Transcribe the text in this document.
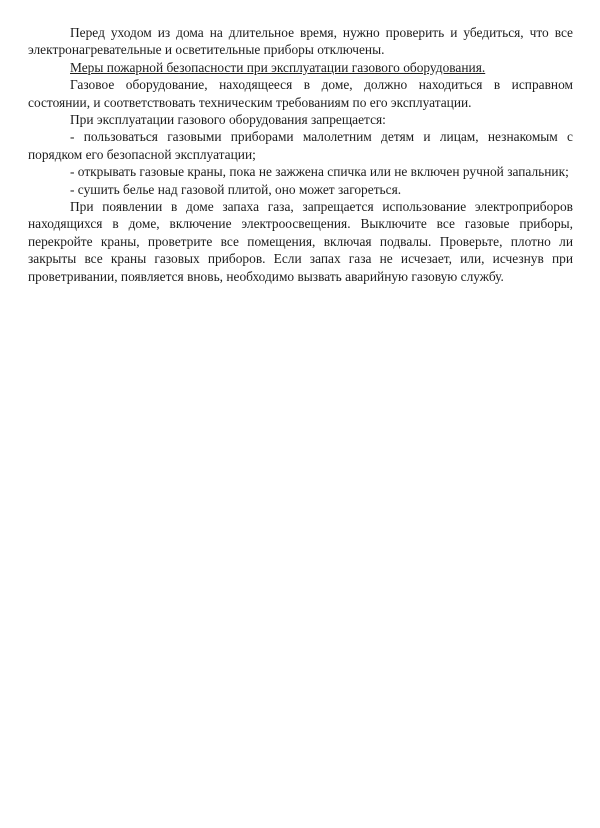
Перед уходом из дома на длительное время, нужно проверить и убедиться, что все электронагревательные и осветительные приборы отключены.

Меры пожарной безопасности при эксплуатации газового оборудования.

Газовое оборудование, находящееся в доме, должно находиться в исправном состоянии, и соответствовать техническим требованиям по его эксплуатации.

При эксплуатации газового оборудования запрещается:

- пользоваться газовыми приборами малолетним детям и лицам, незнакомым с порядком его безопасной эксплуатации;

- открывать газовые краны, пока не зажжена спичка или не включен ручной запальник;

- сушить белье над газовой плитой, оно может загореться.

При появлении в доме запаха газа, запрещается использование электроприборов находящихся в доме, включение электроосвещения. Выключите все газовые приборы, перекройте краны, проветрите все помещения, включая подвалы. Проверьте, плотно ли закрыты все краны газовых приборов. Если запах газа не исчезает, или, исчезнув при проветривании, появляется вновь, необходимо вызвать аварийную газовую службу.
